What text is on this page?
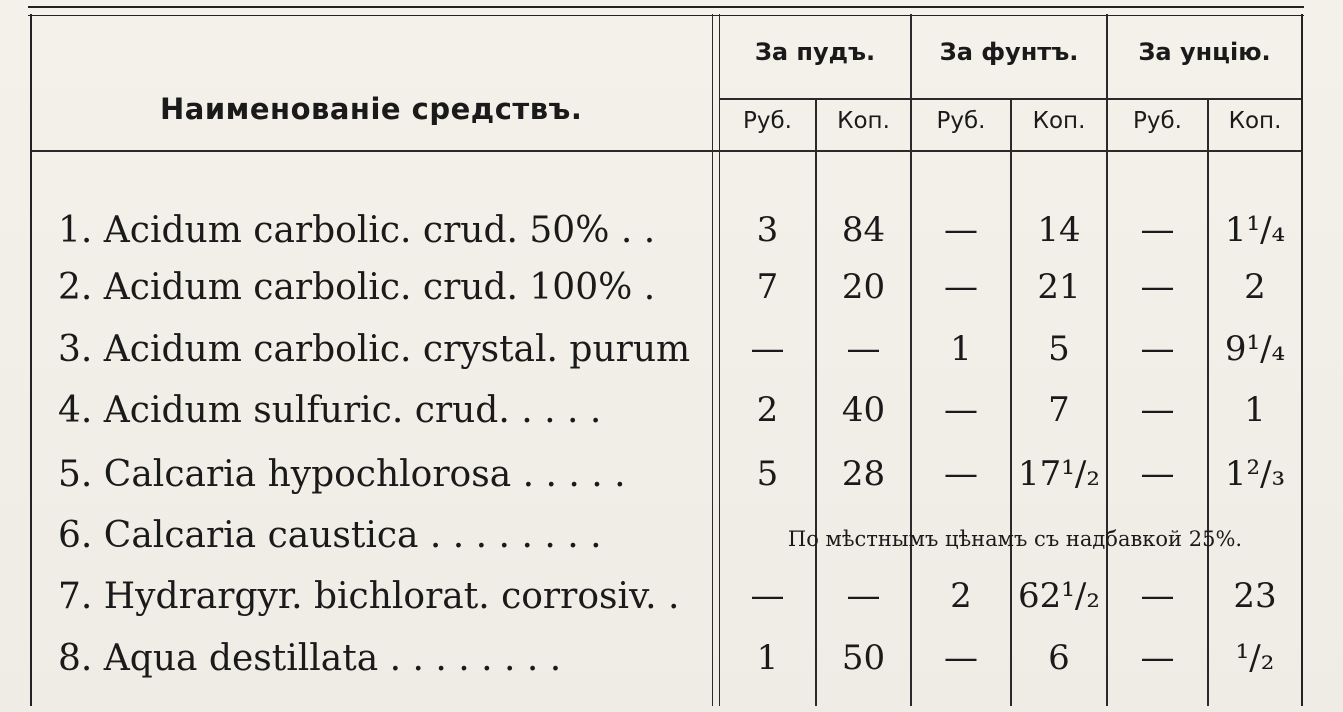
Наименованіе средствъ.
За пудъ.	За фунтъ.	За унцію.
Руб.	Коп.	Руб.	Коп.	Руб.	Коп.
1. Acidum carbolic. crud. 50% . .	3	84	—	14	—	1¹/₄
2. Acidum carbolic. crud. 100% .	7	20	—	21	—	2
3. Acidum carbolic. crystal. purum	—	—	1	5	—	9¹/₄
4. Acidum sulfuric. crud. . . . .	2	40	—	7	—	1
5. Calcaria hypochlorosa . . . . .	5	28	—	17¹/₂	—	1²/₃
6. Calcaria caustica . . . . . . . .	По мѣстнымъ цѣнамъ съ надбавкой 25%.
7. Hydrargyr. bichlorat. corrosiv. .	—	—	2	62¹/₂	—	23
8. Aqua destillata . . . . . . . .	1	50	—	6	—	¹/₂
